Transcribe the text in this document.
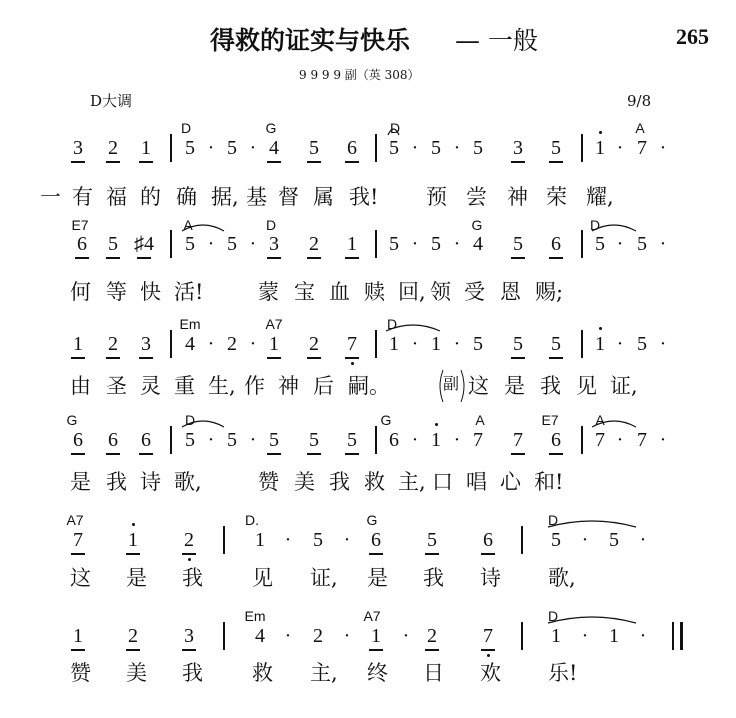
得救的证实与快乐 — 一般	265
9 9 9 9 副（英 308）
D大调	9/8
3 2 1 5 · 5 · 4 5 6 5 · 5 · 5 3 5 1 · 7 ·
D	G	D	A
一 有 福 的 确 据, 基 督 属 我! 预 尝 神 荣 耀,
6 5 ♯4 5 · 5 · 3 2 1 5 · 5 · 4 5 6 5 · 5 ·
E7	A	D	G	D
何 等 快 活!	蒙 宝 血 赎 回, 领 受 恩 赐;
1 2 3 4 · 2 · 1 2 7 1 · 1 · 5 5 5 1 · 5 ·
Em	A7	D
由 圣 灵 重 生, 作 神 后 嗣。	这 是 我 见 证,
副
6 6 6 5 · 5 · 5 5 5 6 · 1 · 7 7 6 7 · 7 ·
G	D	G	A	E7	A
是 我 诗 歌,	赞 美 我 救 主, 口 唱 心 和!
7 1 2	1 ·	5	·	6 5 6	5	·	5	·
A7	D.	G	D
这 是 我 见 证, 是 我 诗 歌,
1 2 3	4 ·	2	·	1	· 2 7	1	·	1	·
Em	A7	D
赞 美 我 救 主, 终 日 欢 乐!
